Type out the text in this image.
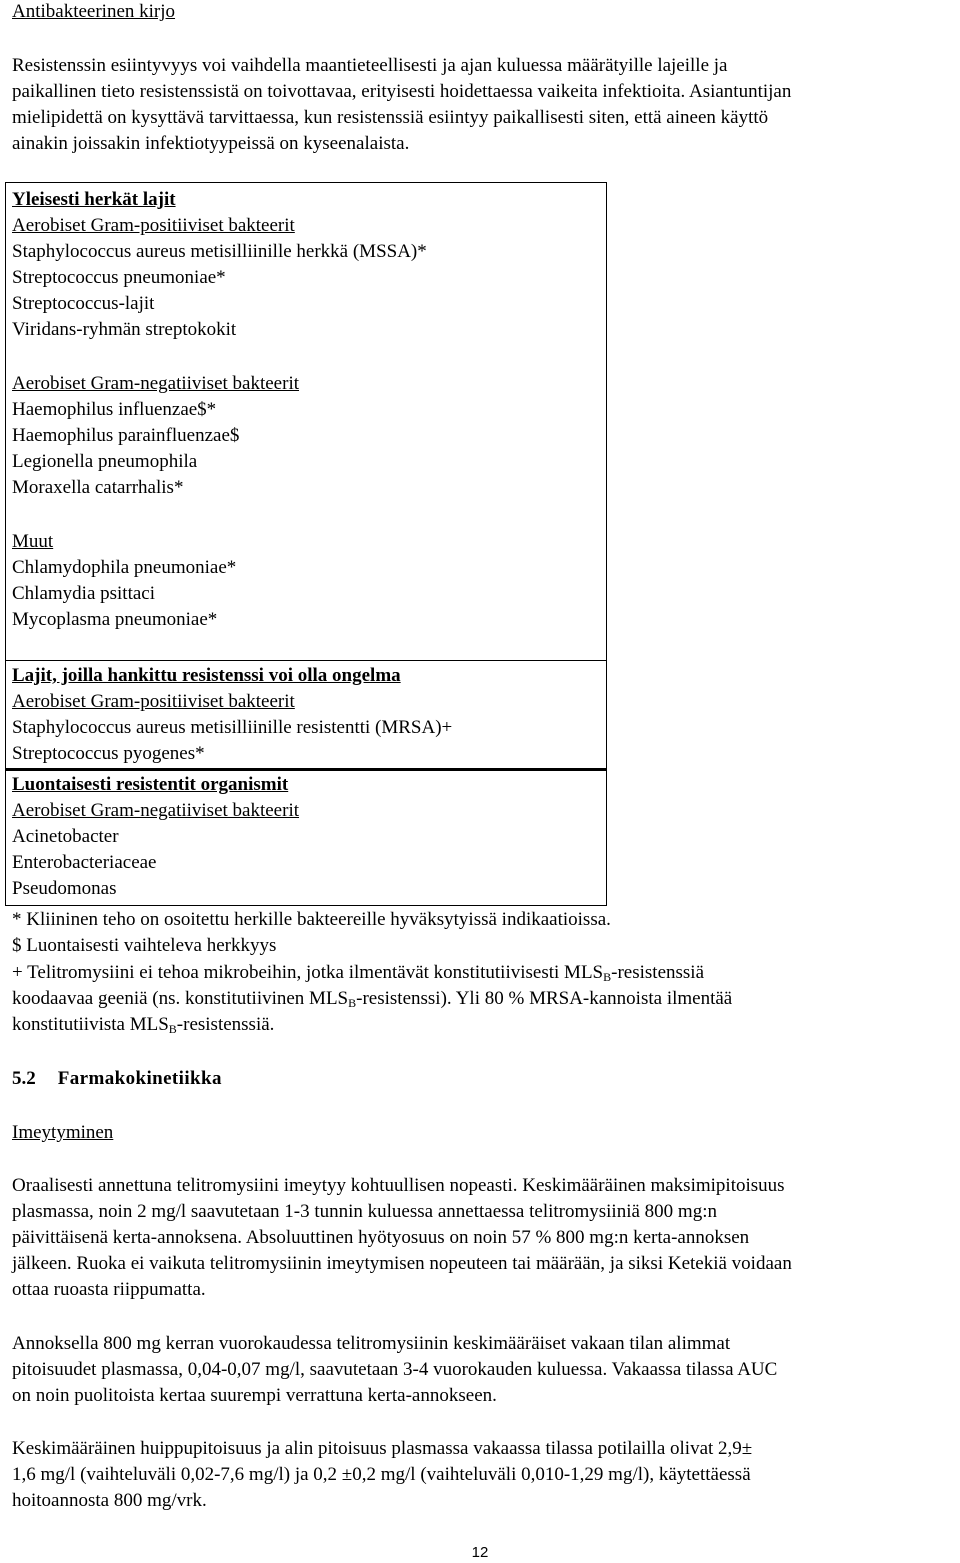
Antibakteerinen kirjo
Resistenssin esiintyvyys voi vaihdella maantieteellisesti ja ajan kuluessa määrätyille lajeille ja
paikallinen tieto resistenssistä on toivottavaa, erityisesti hoidettaessa vaikeita infektioita. Asiantuntijan
mielipidettä on kysyttävä tarvittaessa, kun resistenssiä esiintyy paikallisesti siten, että aineen käyttö
ainakin joissakin infektiotyypeissä on kyseenalaista.
Yleisesti herkät lajit
Aerobiset Gram-positiiviset bakteerit
Staphylococcus aureus metisilliinille herkkä (MSSA)*
Streptococcus pneumoniae*
Streptococcus-lajit
Viridans-ryhmän streptokokit
Aerobiset Gram-negatiiviset bakteerit
Haemophilus influenzae$*
Haemophilus parainfluenzae$
Legionella pneumophila
Moraxella catarrhalis*
Muut
Chlamydophila pneumoniae*
Chlamydia psittaci
Mycoplasma pneumoniae*
Lajit, joilla hankittu resistenssi voi olla ongelma
Aerobiset Gram-positiiviset bakteerit
Staphylococcus aureus metisilliinille resistentti (MRSA)+
Streptococcus pyogenes*
Luontaisesti resistentit organismit
Aerobiset Gram-negatiiviset bakteerit
Acinetobacter
Enterobacteriaceae
Pseudomonas
* Kliininen teho on osoitettu herkille bakteereille hyväksytyissä indikaatioissa.
$ Luontaisesti vaihteleva herkkyys
+ Telitromysiini ei tehoa mikrobeihin, jotka ilmentävät konstitutiivisesti $MLS_B$-resistenssiä
koodaavaa geeniä (ns. konstitutiivinen $MLS_B-resistenssi$). Yli 80 % MRSA-kannoista ilmentää
konstitutiivista $MLS_B$-resistenssiä.
5.2 Farmakokinetiikka
Imeytyminen
Oraalisesti annettuna telitromysiini imeytyy kohtuullisen nopeasti. Keskimääräinen maksimipitoisuus
plasmassa, noin 2 mg/l saavutetaan 1-3 tunnin kuluessa annettaessa telitromysiiniä 800 mg:n
päivittäisenä kerta-annoksena. Absoluuttinen hyötyosuus on noin 57 % 800 mg:n kerta-annoksen
jälkeen. Ruoka ei vaikuta telitromysiinin imeytymisen nopeuteen tai määrään, ja siksi Ketekiä voidaan
ottaa ruoasta riippumatta.
Annoksella 800 mg kerran vuorokaudessa telitromysiinin keskimääräiset vakaan tilan alimmat
pitoisuudet plasmassa, 0,04-0,07 mg/l, saavutetaan 3-4 vuorokauden kuluessa. Vakaassa tilassa AUC
on noin puolitoista kertaa suurempi verrattuna kerta-annokseen.
Keskimääräinen huippupitoisuus ja alin pitoisuus plasmassa vakaassa tilassa potilailla olivat 2,9±
1,6 mg/l (vaihteluväli 0,02-7,6 mg/l) ja 0,2 ±0,2 mg/l (vaihteluväli 0,010-1,29 mg/l), käytettäessä
hoitoannosta 800 mg/vrk.
12
